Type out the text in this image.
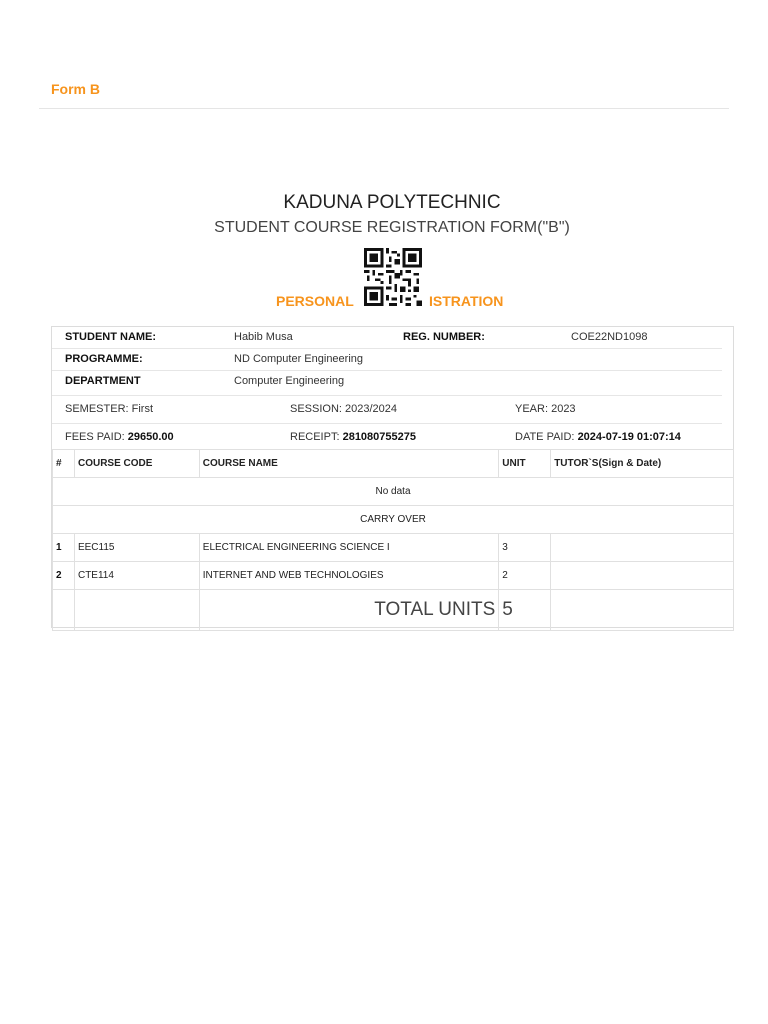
Form B
KADUNA POLYTECHNIC
STUDENT COURSE REGISTRATION FORM("B")
PERSONAL	ISTRATION
STUDENT NAME:	Habib Musa	REG. NUMBER:	COE22ND1098
PROGRAMME:	ND Computer Engineering
DEPARTMENT	Computer Engineering
SEMESTER: First	SESSION: 2023/2024	YEAR: 2023
FEES PAID: 29650.00	RECEIPT: 281080755275	DATE PAID: 2024-07-19 01:07:14
#	COURSE CODE	COURSE NAME	UNIT	TUTOR`S(Sign & Date)
No data				
CARRY OVER				
1	EEC115	ELECTRICAL ENGINEERING SCIENCE I	3	
2	CTE114	INTERNET AND WEB TECHNOLOGIES	2	
		TOTAL UNITS	5	
